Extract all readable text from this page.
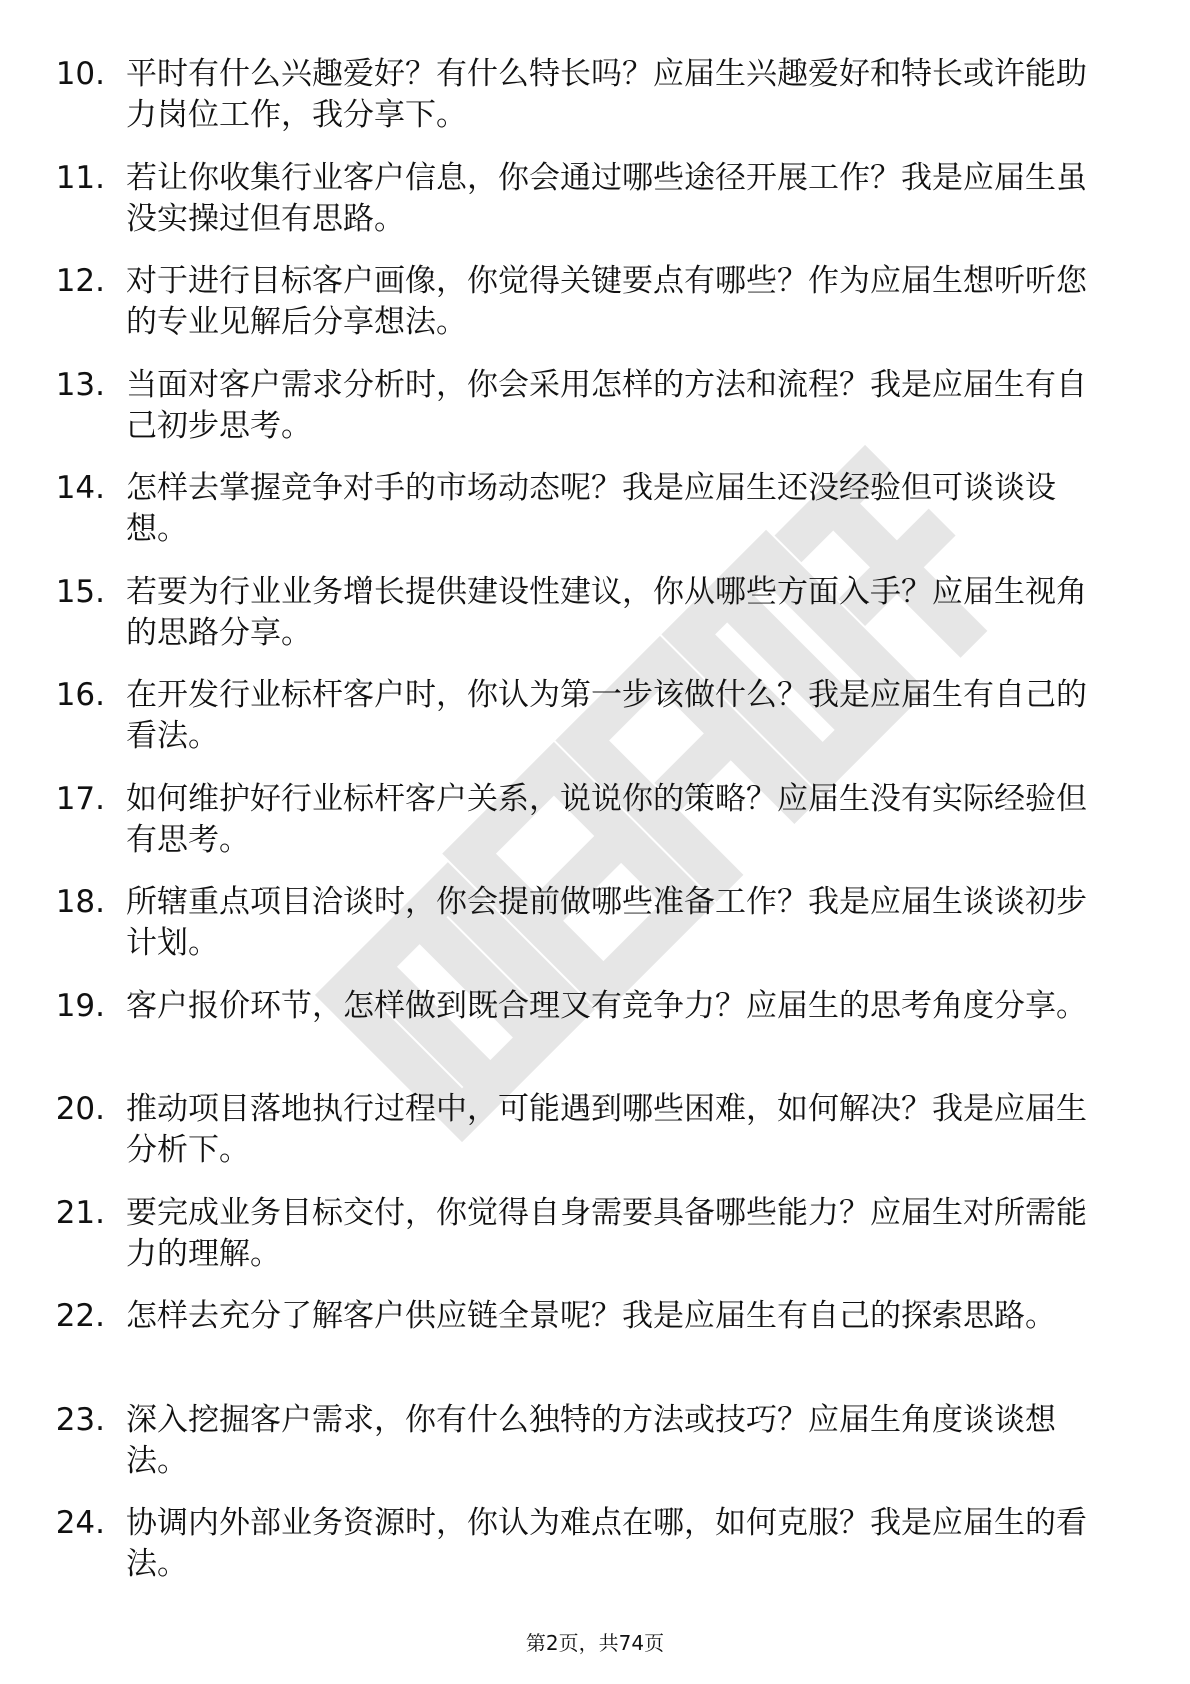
10. 平时有什么兴趣爱好？有什么特长吗？应届生兴趣爱好和特长或许能助力岗位工作，我分享下。
11. 若让你收集行业客户信息，你会通过哪些途径开展工作？我是应届生虽没实操过但有思路。
12. 对于进行目标客户画像，你觉得关键要点有哪些？作为应届生想听听您的专业见解后分享想法。
13. 当面对客户需求分析时，你会采用怎样的方法和流程？我是应届生有自己初步思考。
14. 怎样去掌握竞争对手的市场动态呢？我是应届生还没经验但可谈谈设想。
15. 若要为行业业务增长提供建设性建议，你从哪些方面入手？应届生视角的思路分享。
16. 在开发行业标杆客户时，你认为第一步该做什么？我是应届生有自己的看法。
17. 如何维护好行业标杆客户关系，说说你的策略？应届生没有实际经验但有思考。
18. 所辖重点项目洽谈时，你会提前做哪些准备工作？我是应届生谈谈初步计划。
19. 客户报价环节，怎样做到既合理又有竞争力？应届生的思考角度分享。
20. 推动项目落地执行过程中，可能遇到哪些困难，如何解决？我是应届生分析下。
21. 要完成业务目标交付，你觉得自身需要具备哪些能力？应届生对所需能力的理解。
22. 怎样去充分了解客户供应链全景呢？我是应届生有自己的探索思路。
23. 深入挖掘客户需求，你有什么独特的方法或技巧？应届生角度谈谈想法。
24. 协调内外部业务资源时，你认为难点在哪，如何克服？我是应届生的看法。
第2页，共74页
